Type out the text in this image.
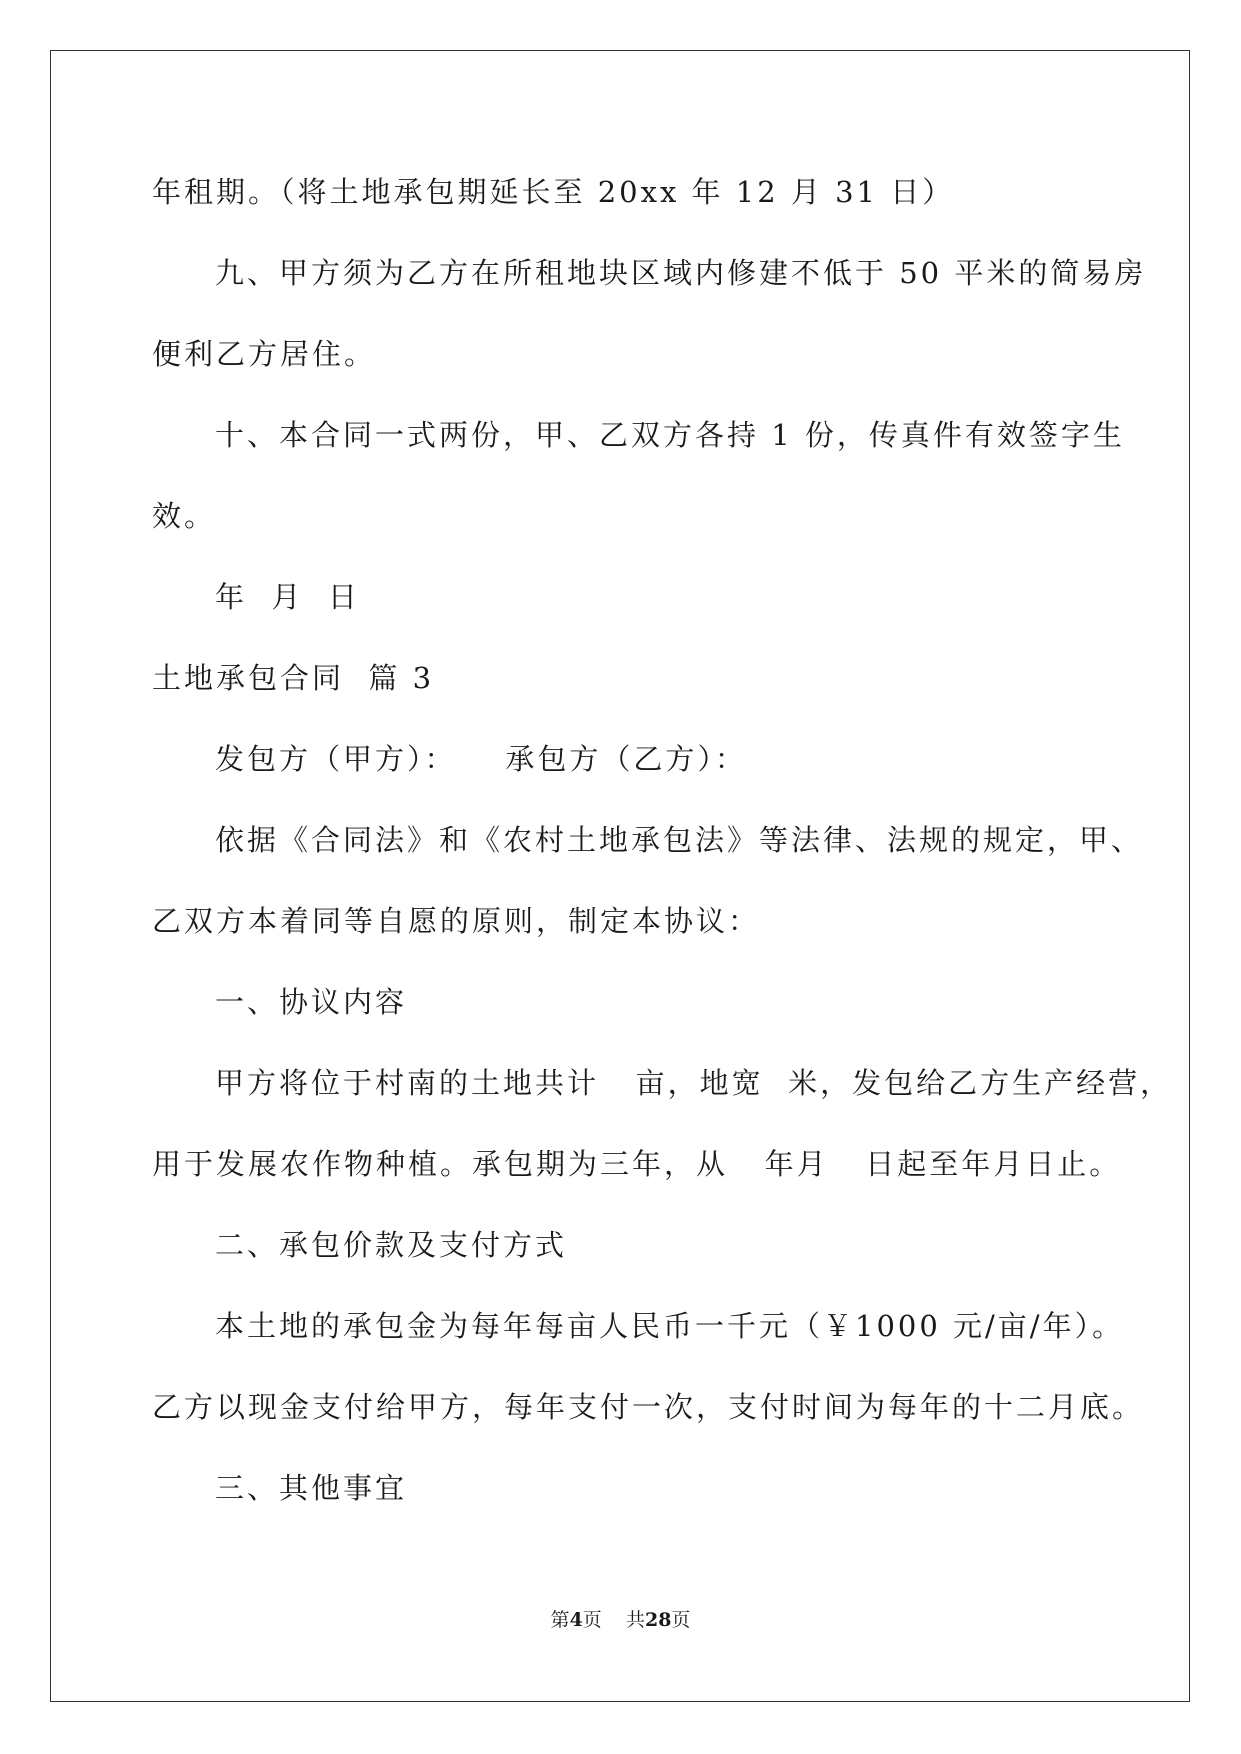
年租期。（将土地承包期延长至 20xx 年 12 月 31 日）
九、甲方须为乙方在所租地块区域内修建不低于 50 平米的简易房
便利乙方居住。
十、本合同一式两份，甲、乙双方各持 1 份，传真件有效签字生
效。
年  月  日
土地承包合同  篇 3
发包方（甲方）：    承包方（乙方）：
依据《合同法》和《农村土地承包法》等法律、法规的规定，甲、
乙双方本着同等自愿的原则，制定本协议：
一、协议内容
甲方将位于村南的土地共计   亩，地宽  米，发包给乙方生产经营，
用于发展农作物种植。承包期为三年，从   年月   日起至年月日止。
二、承包价款及支付方式
本土地的承包金为每年每亩人民币一千元（￥1000 元/亩/年）。
乙方以现金支付给甲方，每年支付一次，支付时间为每年的十二月底。
三、其他事宜
第4页    共28页
